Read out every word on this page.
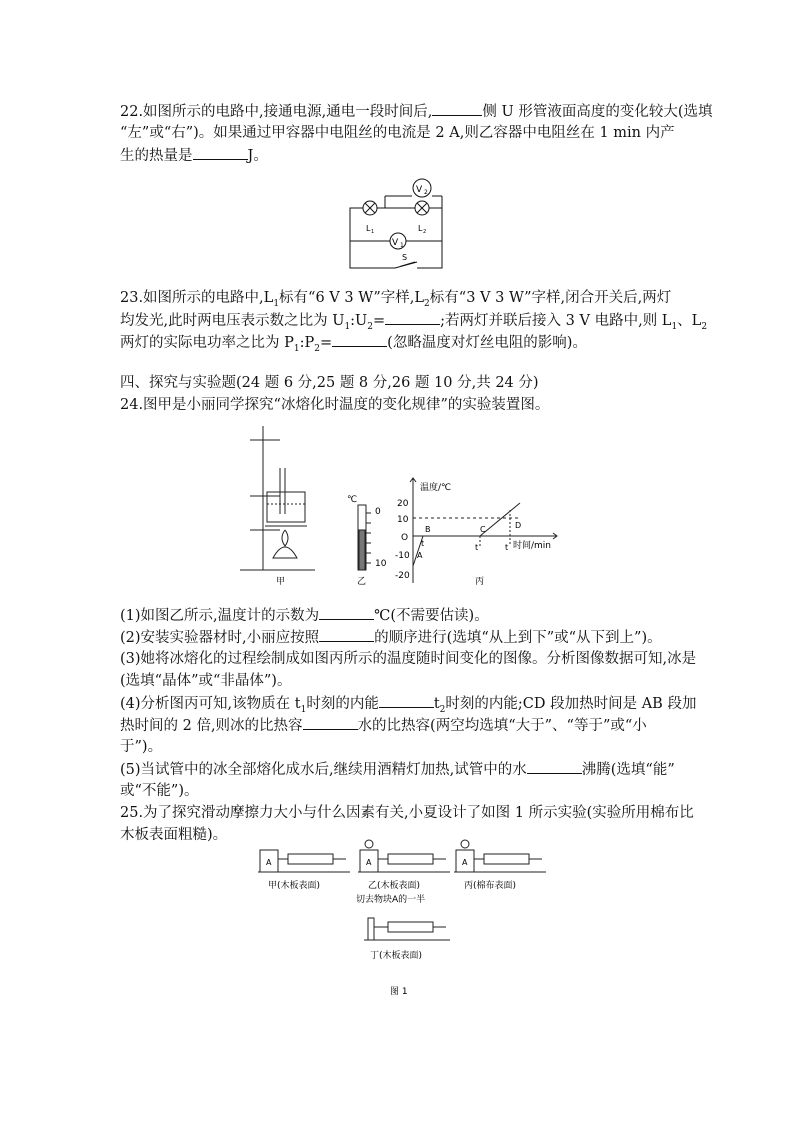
22.如图所示的电路中,接通电源,通电一段时间后,	侧 U 形管液面高度的变化较大(选填
“左”或“右”)。如果通过甲容器中电阻丝的电流是 2 A,则乙容器中电阻丝在 1 min 内产
生的热量是	J。
V 2
V 1
L 1	L 2
S
23.如图所示的电路中$,L_1$标有“6 V 3 W”字样$,L_2$标有“3 V 3 W”字样,闭合开关后,两灯
均发光,此时两电压表示数之比为 $U_1:U_2=$	;若两灯并联后接入 3 V 电路中,则 $L_1$、$L_2$
两灯的实际电功率之比为 $P_1:P_2=$	(忽略温度对灯丝电阻的影响)。
四、探究与实验题(24 题 6 分,25 题 8 分,26 题 10 分,共 24 分)
24.图甲是小丽同学探究“冰熔化时温度的变化规律”的实验装置图。
℃
0
10
温度/℃
时间/min
20
10
O
-10
-20
A
B	C	D
t	t	t
甲	乙	丙
(1)如图乙所示,温度计的示数为	℃(不需要估读)。
(2)安装实验器材时,小丽应按照	的顺序进行(选填“从上到下”或“从下到上”)。
(3)她将冰熔化的过程绘制成如图丙所示的温度随时间变化的图像。分析图像数据可知,冰是
(选填“晶体”或“非晶体”)。
(4)分析图丙可知,该物质在 $t_1$时刻的内能	$t_2$时刻的内能;CD 段加热时间是 AB 段加
热时间的 2 倍,则冰的比热容	水的比热容(两空均选填“大于”、“等于”或“小
于”)。
(5)当试管中的冰全部熔化成水后,继续用酒精灯加热,试管中的水	沸腾(选填“能”
或“不能”)。
25.为了探究滑动摩擦力大小与什么因素有关,小夏设计了如图 1 所示实验(实验所用棉布比
木板表面粗糙)。
A	A	A
甲(木板表面)	乙(木板表面)	丙(棉布表面)
切去物块A的一半
丁(木板表面)
图 1
